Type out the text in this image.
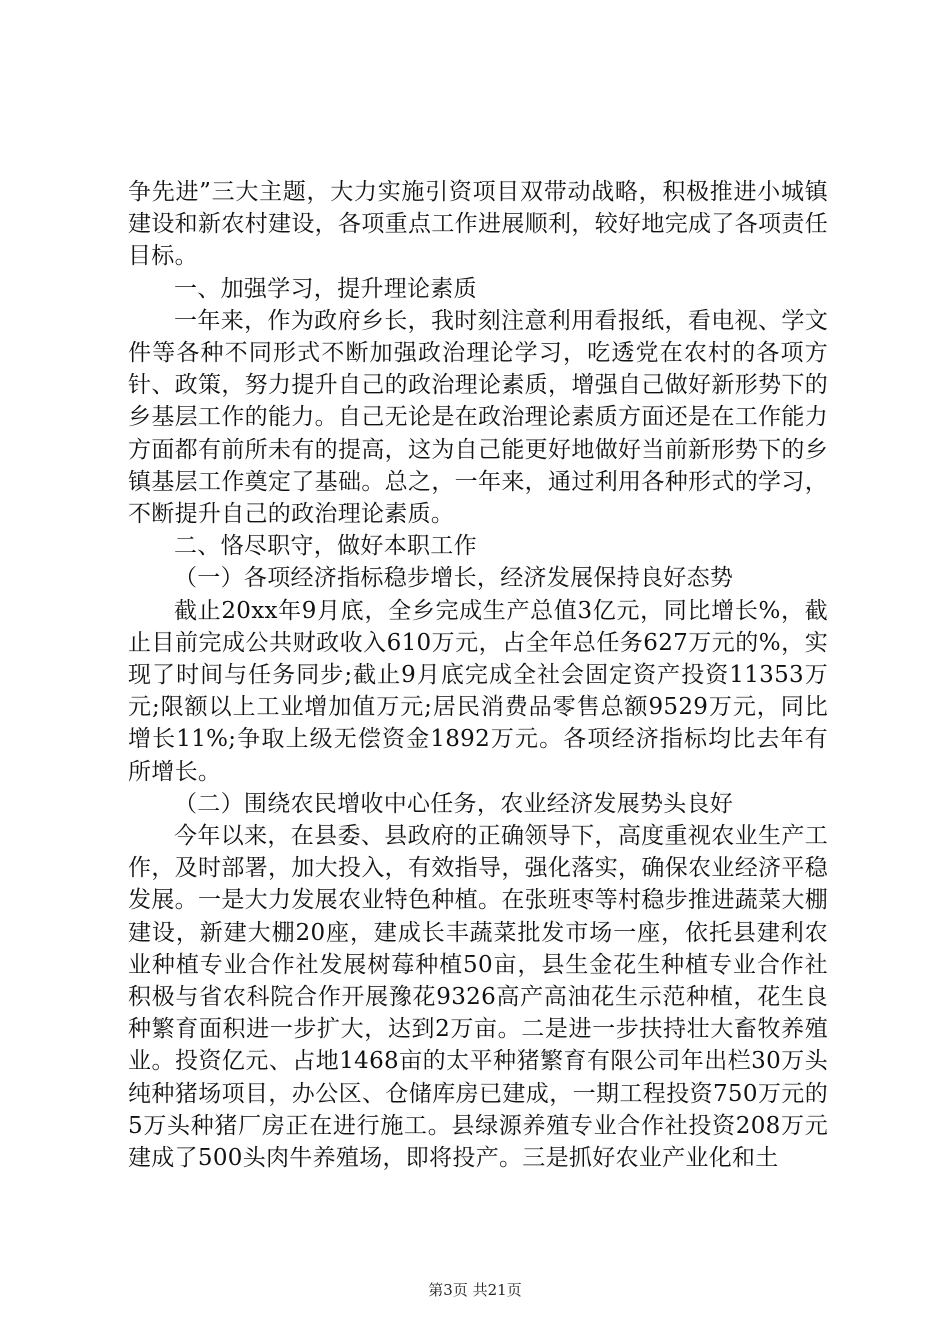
争先进”三大主题，大力实施引资项目双带动战略，积极推进小城镇建设和新农村建设，各项重点工作进展顺利，较好地完成了各项责任目标。

一、加强学习，提升理论素质

一年来，作为政府乡长，我时刻注意利用看报纸，看电视、学文件等各种不同形式不断加强政治理论学习，吃透党在农村的各项方针、政策，努力提升自己的政治理论素质，增强自己做好新形势下的乡基层工作的能力。自己无论是在政治理论素质方面还是在工作能力方面都有前所未有的提高，这为自己能更好地做好当前新形势下的乡镇基层工作奠定了基础。总之，一年来，通过利用各种形式的学习，不断提升自己的政治理论素质。

二、恪尽职守，做好本职工作

（一）各项经济指标稳步增长，经济发展保持良好态势

截止20xx年9月底，全乡完成生产总值3亿元，同比增长%，截止目前完成公共财政收入610万元，占全年总任务627万元的%，实现了时间与任务同步;截止9月底完成全社会固定资产投资11353万元;限额以上工业增加值万元;居民消费品零售总额9529万元，同比增长11%;争取上级无偿资金1892万元。各项经济指标均比去年有所增长。

（二）围绕农民增收中心任务，农业经济发展势头良好

今年以来，在县委、县政府的正确领导下，高度重视农业生产工作，及时部署，加大投入，有效指导，强化落实，确保农业经济平稳发展。一是大力发展农业特色种植。在张班枣等村稳步推进蔬菜大棚建设，新建大棚20座，建成长丰蔬菜批发市场一座，依托县建利农业种植专业合作社发展树莓种植50亩，县生金花生种植专业合作社积极与省农科院合作开展豫花9326高产高油花生示范种植，花生良种繁育面积进一步扩大，达到2万亩。二是进一步扶持壮大畜牧养殖业。投资亿元、占地1468亩的太平种猪繁育有限公司年出栏30万头纯种猪场项目，办公区、仓储库房已建成，一期工程投资750万元的5万头种猪厂房正在进行施工。县绿源养殖专业合作社投资208万元建成了500头肉牛养殖场，即将投产。三是抓好农业产业化和土

第3页 共21页
